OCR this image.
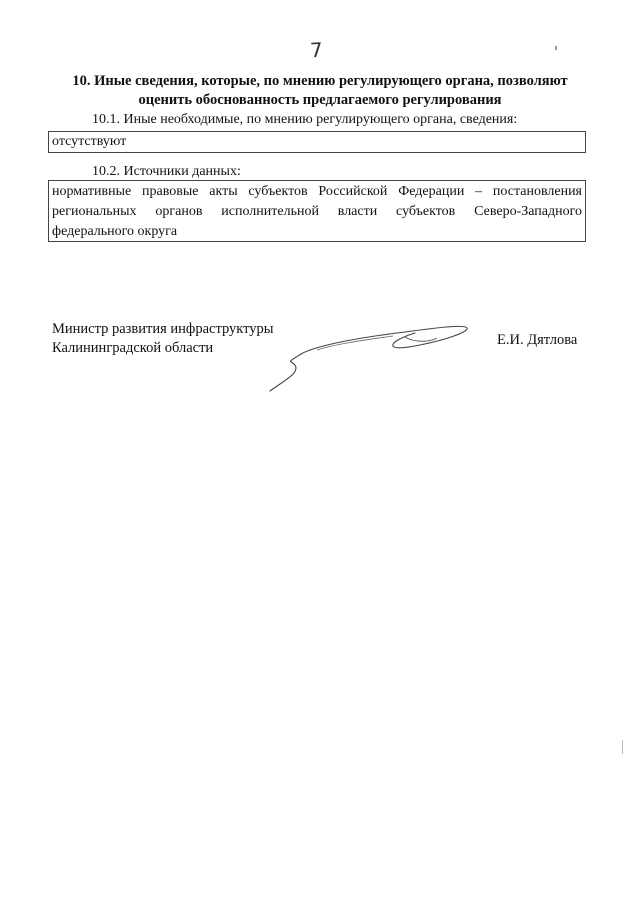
7
10. Иные сведения, которые, по мнению регулирующего органа, позволяют
оценить обоснованность предлагаемого регулирования
10.1. Иные необходимые, по мнению регулирующего органа, сведения:
отсутствуют
10.2. Источники данных:

нормативные правовые акты субъектов Российской Федерации – постановления региональных органов исполнительной власти субъектов Северо-Западного федерального округа

Министр развития инфраструктуры
Калининградской области	Е.И. Дятлова
